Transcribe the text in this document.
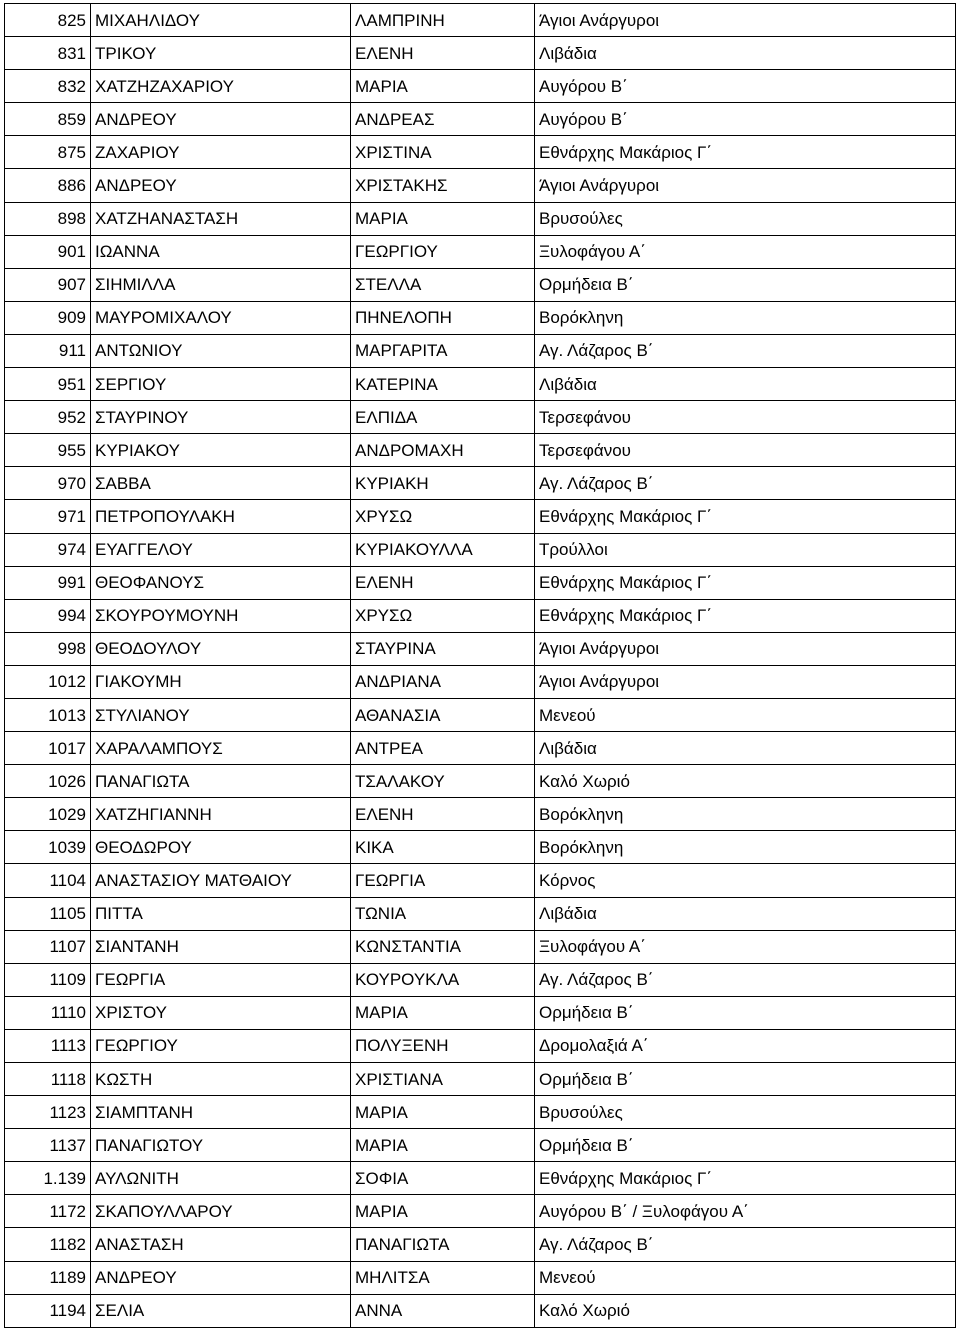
825	ΜΙΧΑΗΛΙΔΟΥ	ΛΑΜΠΡΙΝΗ	Άγιοι Ανάργυροι
831	ΤΡΙΚΟΥ	ΕΛΕΝΗ	Λιβάδια
832	ΧΑΤΖΗΖΑΧΑΡΙΟΥ	ΜΑΡΙΑ	Αυγόρου Β΄
859	ΑΝΔΡΕΟΥ	ΑΝΔΡΕΑΣ	Αυγόρου Β΄
875	ΖΑΧΑΡΙΟΥ	ΧΡΙΣΤΙΝΑ	Εθνάρχης Μακάριος Γ΄
886	ΑΝΔΡΕΟΥ	ΧΡΙΣΤΑΚΗΣ	Άγιοι Ανάργυροι
898	ΧΑΤΖΗΑΝΑΣΤΑΣΗ	ΜΑΡΙΑ	Βρυσούλες
901	ΙΩΑΝΝΑ	ΓΕΩΡΓΙΟΥ	Ξυλοφάγου Α΄
907	ΣΙΗΜΙΛΛΑ	ΣΤΕΛΛΑ	Ορμήδεια Β΄
909	ΜΑΥΡΟΜΙΧΑΛΟΥ	ΠΗΝΕΛΟΠΗ	Βορόκληνη
911	ΑΝΤΩΝΙΟΥ	ΜΑΡΓΑΡΙΤΑ	Αγ. Λάζαρος Β΄
951	ΣΕΡΓΙΟΥ	ΚΑΤΕΡΙΝΑ	Λιβάδια
952	ΣΤΑΥΡΙΝΟΥ	ΕΛΠΙΔΑ	Τερσεφάνου
955	ΚΥΡΙΑΚΟΥ	ΑΝΔΡΟΜΑΧΗ	Τερσεφάνου
970	ΣΑΒΒΑ	ΚΥΡΙΑΚΗ	Αγ. Λάζαρος Β΄
971	ΠΕΤΡΟΠΟΥΛΑΚΗ	ΧΡΥΣΩ	Εθνάρχης Μακάριος Γ΄
974	ΕΥΑΓΓΕΛΟΥ	ΚΥΡΙΑΚΟΥΛΛΑ	Τρούλλοι
991	ΘΕΟΦΑΝΟΥΣ	ΕΛΕΝΗ	Εθνάρχης Μακάριος Γ΄
994	ΣΚΟΥΡΟΥΜΟΥΝΗ	ΧΡΥΣΩ	Εθνάρχης Μακάριος Γ΄
998	ΘΕΟΔΟΥΛΟΥ	ΣΤΑΥΡΙΝΑ	Άγιοι Ανάργυροι
1012	ΓΙΑΚΟΥΜΗ	ΑΝΔΡΙΑΝΑ	Άγιοι Ανάργυροι
1013	ΣΤΥΛΙΑΝΟΥ	ΑΘΑΝΑΣΙΑ	Μενεού
1017	ΧΑΡΑΛΑΜΠΟΥΣ	ΑΝΤΡΕΑ	Λιβάδια
1026	ΠΑΝΑΓΙΩΤΑ	ΤΣΑΛΑΚΟΥ	Καλό Χωριό
1029	ΧΑΤΖΗΓΙΑΝΝΗ	ΕΛΕΝΗ	Βορόκληνη
1039	ΘΕΟΔΩΡΟΥ	ΚΙΚΑ	Βορόκληνη
1104	ΑΝΑΣΤΑΣΙΟΥ ΜΑΤΘΑΙΟΥ	ΓΕΩΡΓΙΑ	Κόρνος
1105	ΠΙΤΤΑ	ΤΩΝΙΑ	Λιβάδια
1107	ΣΙΑΝΤΑΝΗ	ΚΩΝΣΤΑΝΤΙΑ	Ξυλοφάγου Α΄
1109	ΓΕΩΡΓΙΑ	ΚΟΥΡΟΥΚΛΑ	Αγ. Λάζαρος Β΄
1110	ΧΡΙΣΤΟΥ	ΜΑΡΙΑ	Ορμήδεια Β΄
1113	ΓΕΩΡΓΙΟΥ	ΠΟΛΥΞΕΝΗ	Δρομολαξιά Α΄
1118	ΚΩΣΤΗ	ΧΡΙΣΤΙΑΝΑ	Ορμήδεια Β΄
1123	ΣΙΑΜΠΤΑΝΗ	ΜΑΡΙΑ	Βρυσούλες
1137	ΠΑΝΑΓΙΩΤΟΥ	ΜΑΡΙΑ	Ορμήδεια Β΄
1.139	ΑΥΛΩΝΙΤΗ	ΣΟΦΙΑ	Εθνάρχης Μακάριος Γ΄
1172	ΣΚΑΠΟΥΛΛΑΡΟΥ	ΜΑΡΙΑ	Αυγόρου Β΄ / Ξυλοφάγου Α΄
1182	ΑΝΑΣΤΑΣΗ	ΠΑΝΑΓΙΩΤΑ	Αγ. Λάζαρος Β΄
1189	ΑΝΔΡΕΟΥ	ΜΗΛΙΤΣΑ	Μενεού
1194	ΣΕΛΙΑ	ΑΝΝΑ	Καλό Χωριό
